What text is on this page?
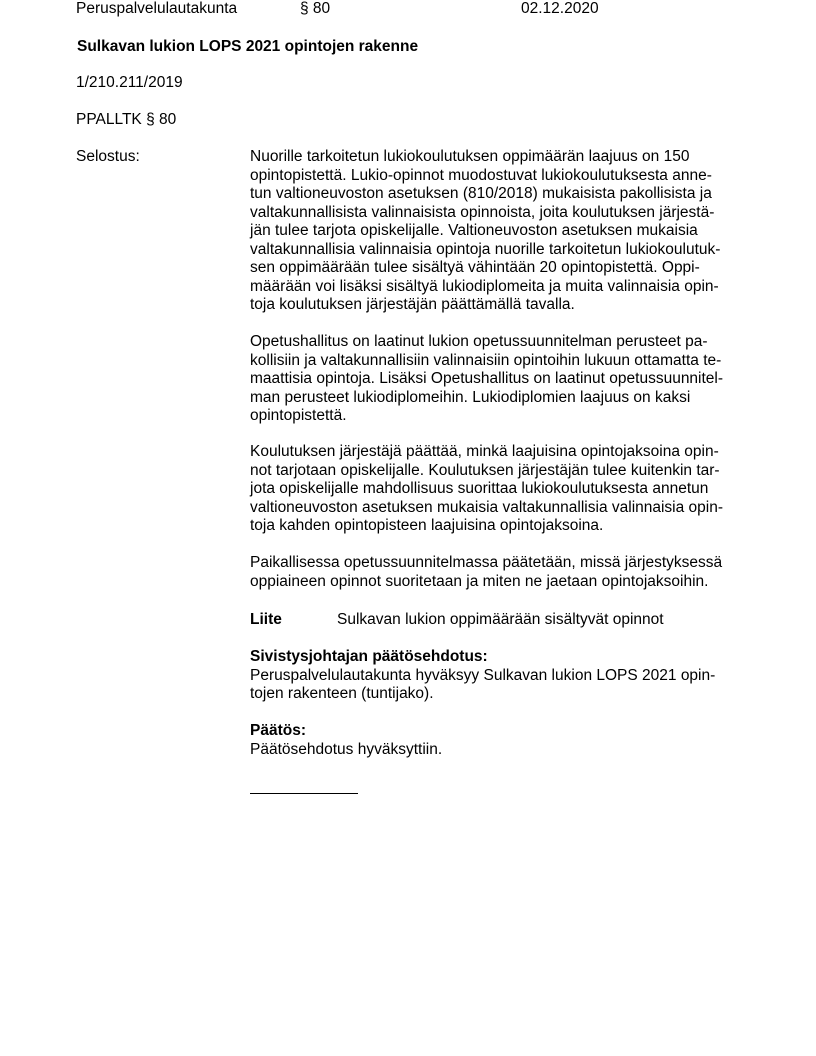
Peruspalvelulautakunta	§ 80	02.12.2020
Sulkavan lukion LOPS 2021 opintojen rakenne
1/210.211/2019
PPALLTK § 80
Selostus:	Nuorille tarkoitetun lukiokoulutuksen oppimäärän laajuus on 150
opintopistettä. Lukio-opinnot muodostuvat lukiokoulutuksesta anne-
tun valtioneuvoston asetuksen (810/2018) mukaisista pakollisista ja
valtakunnallisista valinnaisista opinnoista, joita koulutuksen järjestä-
jän tulee tarjota opiskelijalle. Valtioneuvoston asetuksen mukaisia
valtakunnallisia valinnaisia opintoja nuorille tarkoitetun lukiokoulutuk-
sen oppimäärään tulee sisältyä vähintään 20 opintopistettä. Oppi-
määrään voi lisäksi sisältyä lukiodiplomeita ja muita valinnaisia opin-
toja koulutuksen järjestäjän päättämällä tavalla.
Opetushallitus on laatinut lukion opetussuunnitelman perusteet pa-
kollisiin ja valtakunnallisiin valinnaisiin opintoihin lukuun ottamatta te-
maattisia opintoja. Lisäksi Opetushallitus on laatinut opetussuunnitel-
man perusteet lukiodiplomeihin. Lukiodiplomien laajuus on kaksi
opintopistettä.
Koulutuksen järjestäjä päättää, minkä laajuisina opintojaksoina opin-
not tarjotaan opiskelijalle. Koulutuksen järjestäjän tulee kuitenkin tar-
jota opiskelijalle mahdollisuus suorittaa lukiokoulutuksesta annetun
valtioneuvoston asetuksen mukaisia valtakunnallisia valinnaisia opin-
toja kahden opintopisteen laajuisina opintojaksoina.
Paikallisessa opetussuunnitelmassa päätetään, missä järjestyksessä
oppiaineen opinnot suoritetaan ja miten ne jaetaan opintojaksoihin.
Liite	Sulkavan lukion oppimäärään sisältyvät opinnot
Sivistysjohtajan päätösehdotus:
Peruspalvelulautakunta hyväksyy Sulkavan lukion LOPS 2021 opin-
tojen rakenteen (tuntijako).
Päätös:
Päätösehdotus hyväksyttiin.
